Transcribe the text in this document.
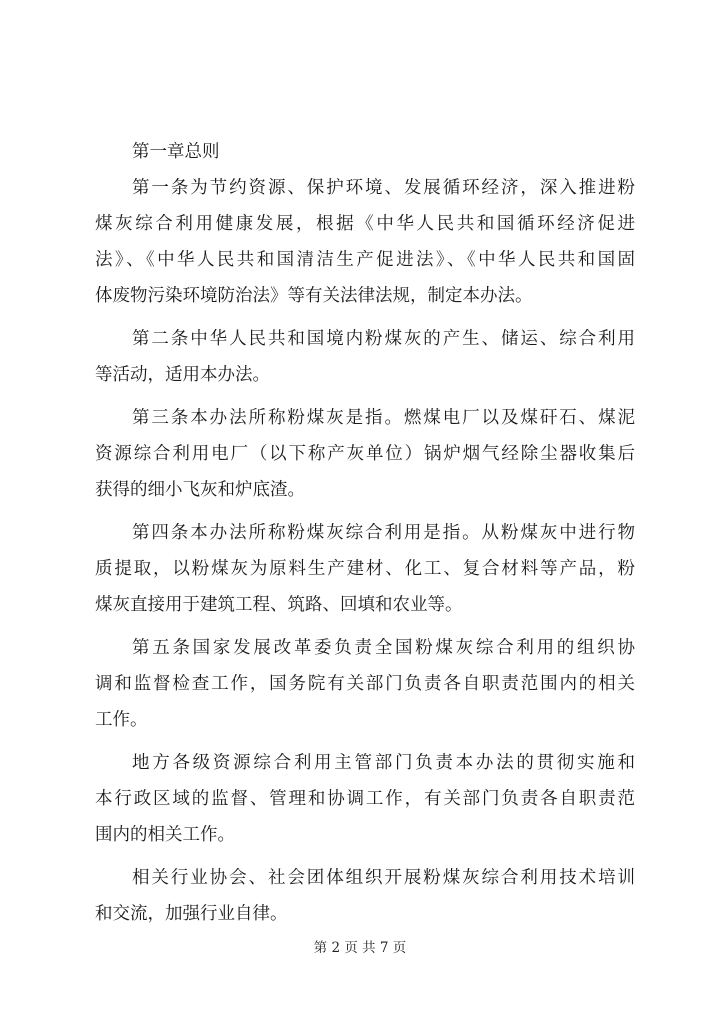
第一章总则
第一条为节约资源、保护环境、发展循环经济，深入推进粉
煤灰综合利用健康发展，根据《中华人民共和国循环经济促进
法》、《中华人民共和国清洁生产促进法》、《中华人民共和国固
体废物污染环境防治法》等有关法律法规，制定本办法。
第二条中华人民共和国境内粉煤灰的产生、储运、综合利用
等活动，适用本办法。
第三条本办法所称粉煤灰是指。燃煤电厂以及煤矸石、煤泥
资源综合利用电厂（以下称产灰单位）锅炉烟气经除尘器收集后
获得的细小飞灰和炉底渣。
第四条本办法所称粉煤灰综合利用是指。从粉煤灰中进行物
质提取，以粉煤灰为原料生产建材、化工、复合材料等产品，粉
煤灰直接用于建筑工程、筑路、回填和农业等。
第五条国家发展改革委负责全国粉煤灰综合利用的组织协
调和监督检查工作，国务院有关部门负责各自职责范围内的相关
工作。
地方各级资源综合利用主管部门负责本办法的贯彻实施和
本行政区域的监督、管理和协调工作，有关部门负责各自职责范
围内的相关工作。
相关行业协会、社会团体组织开展粉煤灰综合利用技术培训
和交流，加强行业自律。
第 2 页 共 7 页
